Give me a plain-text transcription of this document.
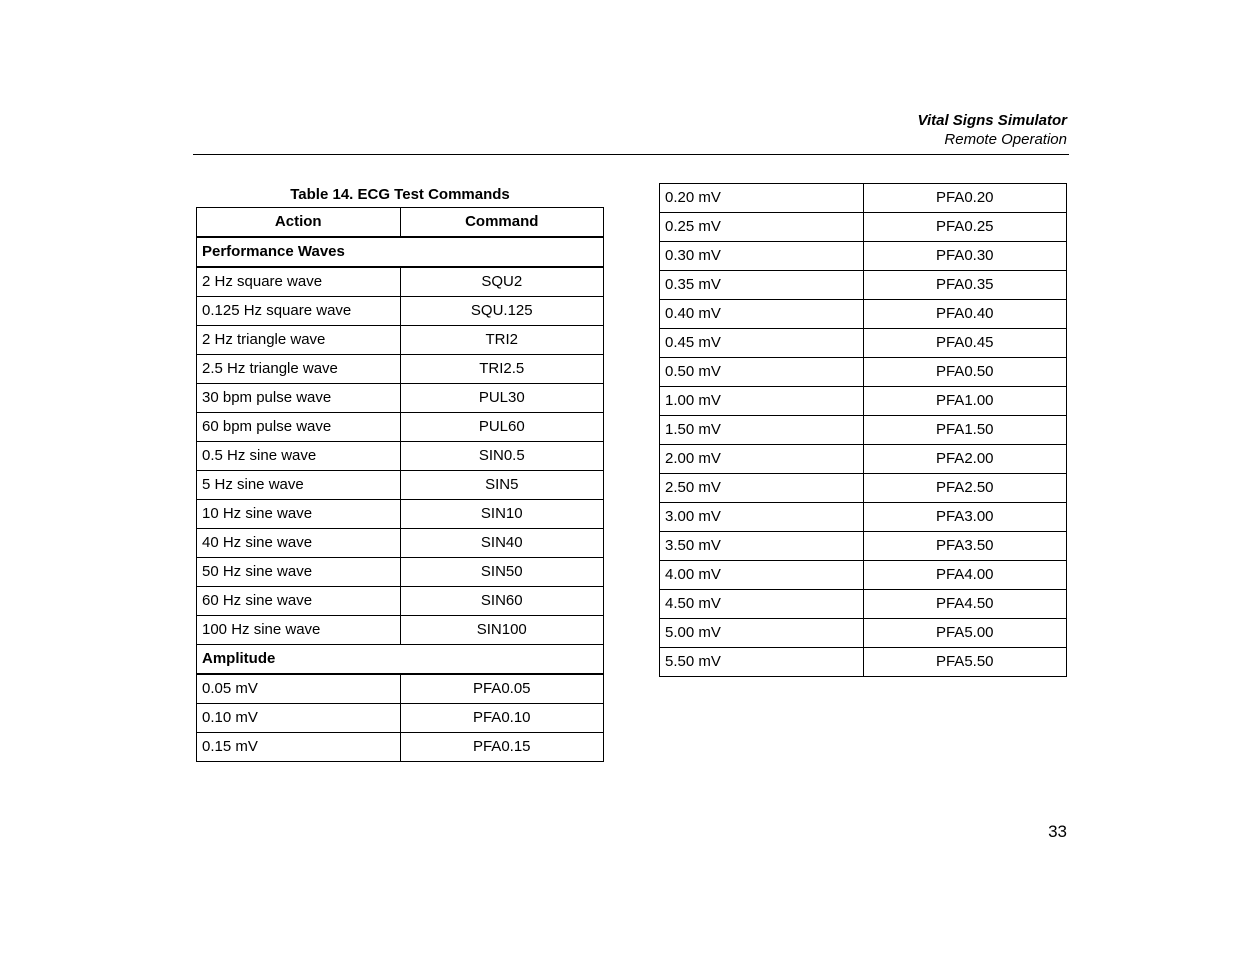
Vital Signs Simulator
Remote Operation
Table 14. ECG Test Commands
Action	Command
Performance Waves	
2 Hz square wave	SQU2
0.125 Hz square wave	SQU.125
2 Hz triangle wave	TRI2
2.5 Hz triangle wave	TRI2.5
30 bpm pulse wave	PUL30
60 bpm pulse wave	PUL60
0.5 Hz sine wave	SIN0.5
5 Hz sine wave	SIN5
10 Hz sine wave	SIN10
40 Hz sine wave	SIN40
50 Hz sine wave	SIN50
60 Hz sine wave	SIN60
100 Hz sine wave	SIN100
Amplitude	
0.05 mV	PFA0.05
0.10 mV	PFA0.10
0.15 mV	PFA0.15
0.20 mV	PFA0.20
0.25 mV	PFA0.25
0.30 mV	PFA0.30
0.35 mV	PFA0.35
0.40 mV	PFA0.40
0.45 mV	PFA0.45
0.50 mV	PFA0.50
1.00 mV	PFA1.00
1.50 mV	PFA1.50
2.00 mV	PFA2.00
2.50 mV	PFA2.50
3.00 mV	PFA3.00
3.50 mV	PFA3.50
4.00 mV	PFA4.00
4.50 mV	PFA4.50
5.00 mV	PFA5.00
5.50 mV	PFA5.50
33
